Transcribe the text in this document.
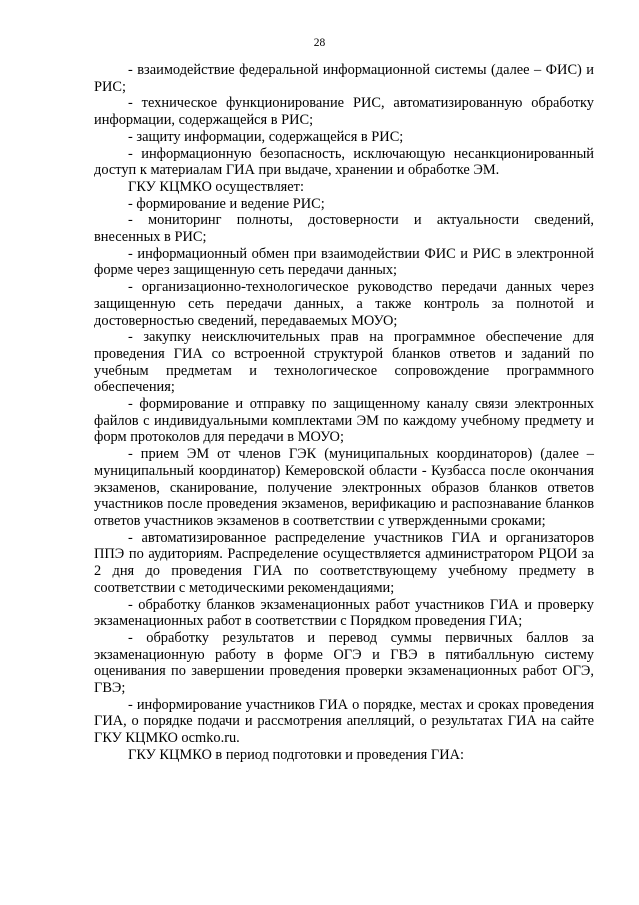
28

- взаимодействие федеральной информационной системы (далее – ФИС) и РИС;

- техническое функционирование РИС, автоматизированную обработку информации, содержащейся в РИС;

- защиту информации, содержащейся в РИС;

- информационную безопасность, исключающую несанкционированный доступ к материалам ГИА при выдаче, хранении и обработке ЭМ.

ГКУ КЦМКО осуществляет:

- формирование и ведение РИС;

- мониторинг полноты, достоверности и актуальности сведений, внесенных в РИС;

- информационный обмен при взаимодействии ФИС и РИС в электронной форме через защищенную сеть передачи данных;

- организационно-технологическое руководство передачи данных через защищенную сеть передачи данных, а также контроль за полнотой и достоверностью сведений, передаваемых МОУО;

- закупку неисключительных прав на программное обеспечение для проведения ГИА со встроенной структурой бланков ответов и заданий по учебным предметам и технологическое сопровождение программного обеспечения;

- формирование и отправку по защищенному каналу связи электронных файлов с индивидуальными комплектами ЭМ по каждому учебному предмету и форм протоколов для передачи в МОУО;

- прием ЭМ от членов ГЭК (муниципальных координаторов) (далее – муниципальный координатор) Кемеровской области - Кузбасса после окончания экзаменов, сканирование, получение электронных образов бланков ответов участников после проведения экзаменов, верификацию и распознавание бланков ответов участников экзаменов в соответствии с утвержденными сроками;

- автоматизированное распределение участников ГИА и организаторов ППЭ по аудиториям. Распределение осуществляется администратором РЦОИ за 2 дня до проведения ГИА по соответствующему учебному предмету в соответствии с методическими рекомендациями;

- обработку бланков экзаменационных работ участников ГИА и проверку экзаменационных работ в соответствии с Порядком проведения ГИА;

- обработку результатов и перевод суммы первичных баллов за экзаменационную работу в форме ОГЭ и ГВЭ в пятибалльную систему оценивания по завершении проведения проверки экзаменационных работ ОГЭ, ГВЭ;

- информирование участников ГИА о порядке, местах и сроках проведения ГИА, о порядке подачи и рассмотрения апелляций, о результатах ГИА на сайте ГКУ КЦМКО ocmko.ru.

ГКУ КЦМКО в период подготовки и проведения ГИА:
